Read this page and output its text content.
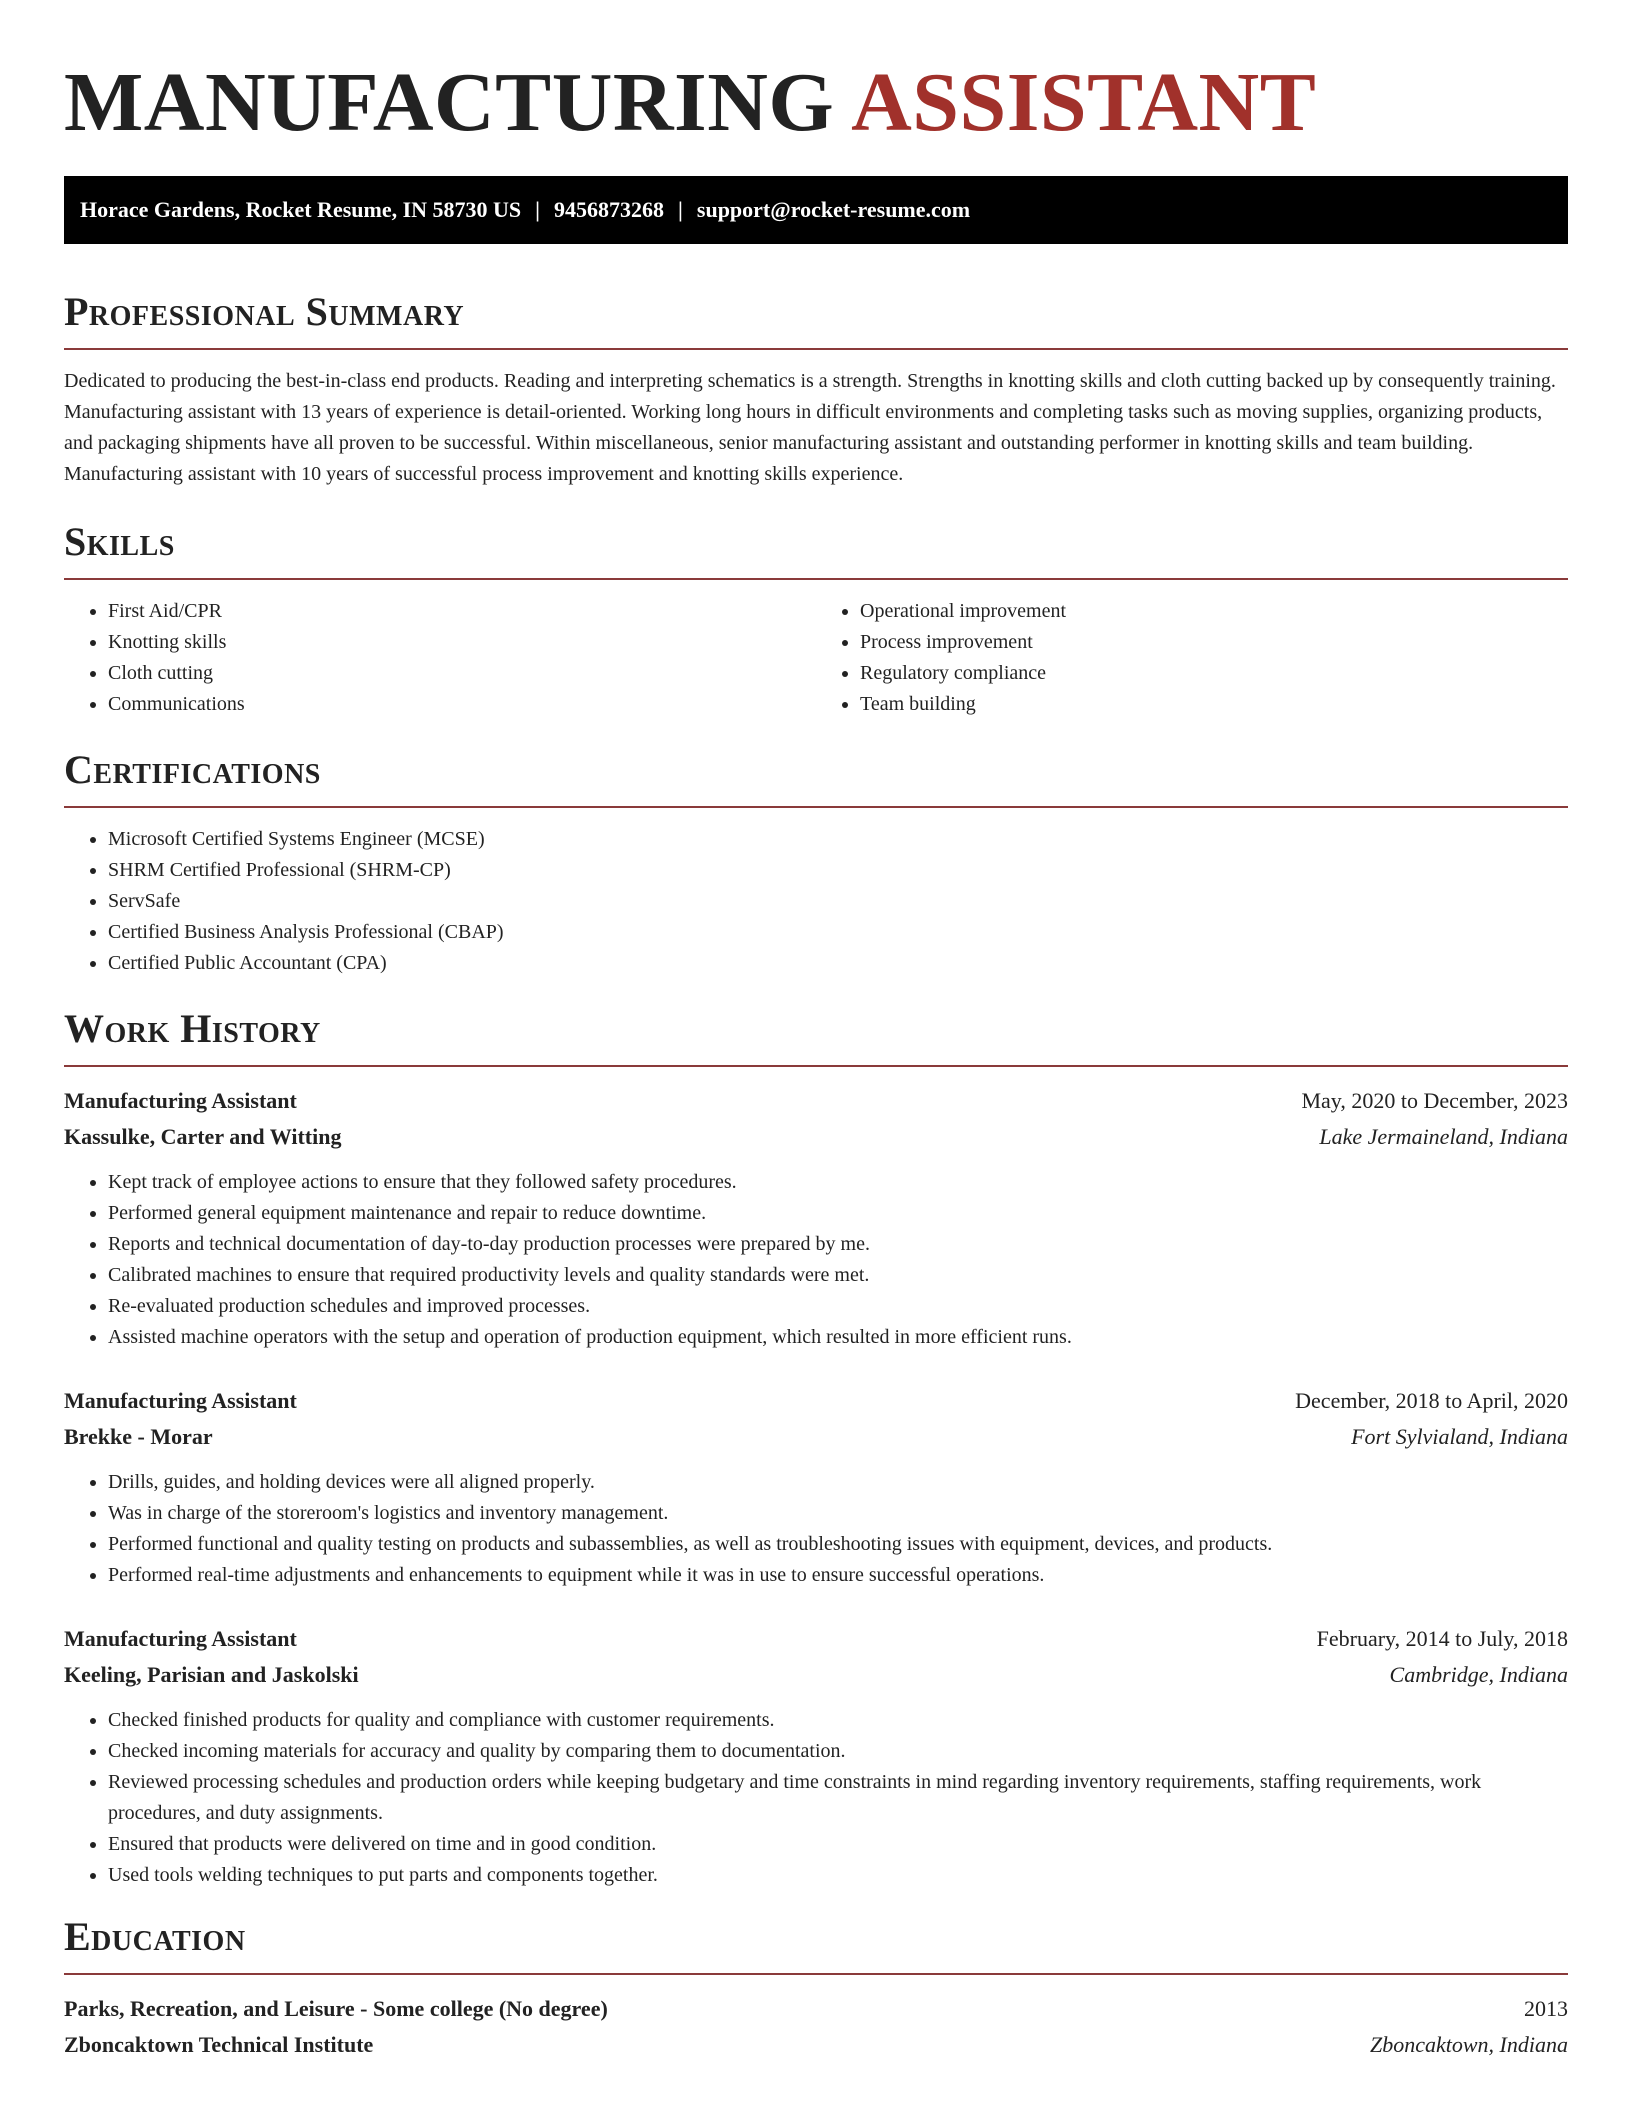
MANUFACTURING ASSISTANT
Horace Gardens, Rocket Resume, IN 58730 US | 9456873268 | support@rocket-resume.com
Professional Summary

Dedicated to producing the best-in-class end products. Reading and interpreting schematics is a strength. Strengths in knotting skills and cloth cutting backed up by consequently training. Manufacturing assistant with 13 years of experience is detail-oriented. Working long hours in difficult environments and completing tasks such as moving supplies, organizing products, and packaging shipments have all proven to be successful. Within miscellaneous, senior manufacturing assistant and outstanding performer in knotting skills and team building. Manufacturing assistant with 10 years of successful process improvement and knotting skills experience.

Skills
• First Aid/CPR
• Knotting skills
• Cloth cutting
• Communications
• Operational improvement
• Process improvement
• Regulatory compliance
• Team building
Certifications
• Microsoft Certified Systems Engineer (MCSE)
• SHRM Certified Professional (SHRM-CP)
• ServSafe
• Certified Business Analysis Professional (CBAP)
• Certified Public Accountant (CPA)
Work History
Manufacturing Assistant	May, 2020 to December, 2023
Kassulke, Carter and Witting	Lake Jermaineland, Indiana
• Kept track of employee actions to ensure that they followed safety procedures.
• Performed general equipment maintenance and repair to reduce downtime.
• Reports and technical documentation of day-to-day production processes were prepared by me.
• Calibrated machines to ensure that required productivity levels and quality standards were met.
• Re-evaluated production schedules and improved processes.
• Assisted machine operators with the setup and operation of production equipment, which resulted in more efficient runs.
Manufacturing Assistant	December, 2018 to April, 2020
Brekke - Morar	Fort Sylvialand, Indiana
• Drills, guides, and holding devices were all aligned properly.
• Was in charge of the storeroom's logistics and inventory management.
• Performed functional and quality testing on products and subassemblies, as well as troubleshooting issues with equipment, devices, and products.
• Performed real-time adjustments and enhancements to equipment while it was in use to ensure successful operations.
Manufacturing Assistant	February, 2014 to July, 2018
Keeling, Parisian and Jaskolski	Cambridge, Indiana
• Checked finished products for quality and compliance with customer requirements.
• Checked incoming materials for accuracy and quality by comparing them to documentation.
• Reviewed processing schedules and production orders while keeping budgetary and time constraints in mind regarding inventory requirements, staffing requirements, work procedures, and duty assignments.
• Ensured that products were delivered on time and in good condition.
• Used tools welding techniques to put parts and components together.
Education
Parks, Recreation, and Leisure - Some college (No degree)	2013
Zboncaktown Technical Institute	Zboncaktown, Indiana
